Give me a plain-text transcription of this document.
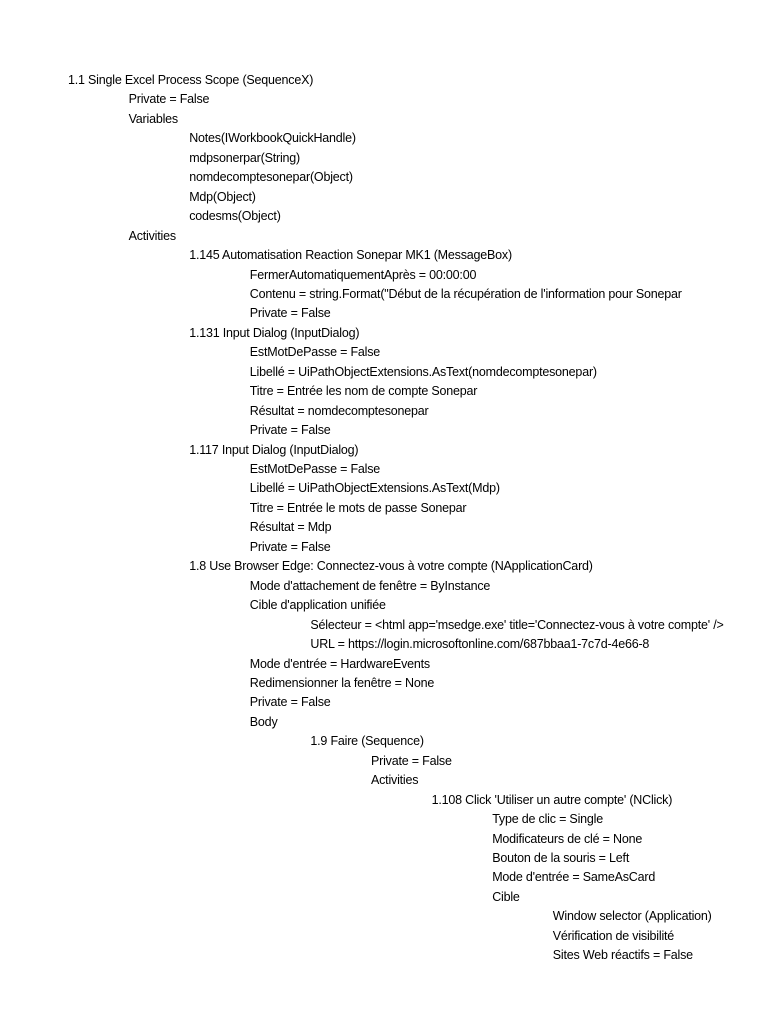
1.1 Single Excel Process Scope (SequenceX)
Private = False
Variables
Notes(IWorkbookQuickHandle)
mdpsonerpar(String)
nomdecomptesonepar(Object)
Mdp(Object)
codesms(Object)
Activities
1.145 Automatisation Reaction Sonepar MK1 (MessageBox)
FermerAutomatiquementAprès = 00:00:00
Contenu = string.Format("Début de la récupération de l'information pour Sonepar
Private = False
1.131 Input Dialog (InputDialog)
EstMotDePasse = False
Libellé = UiPathObjectExtensions.AsText(nomdecomptesonepar)
Titre = Entrée les nom de compte Sonepar
Résultat = nomdecomptesonepar
Private = False
1.117 Input Dialog (InputDialog)
EstMotDePasse = False
Libellé = UiPathObjectExtensions.AsText(Mdp)
Titre = Entrée le mots de passe Sonepar
Résultat = Mdp
Private = False
1.8 Use Browser Edge: Connectez-vous à votre compte (NApplicationCard)
Mode d'attachement de fenêtre = ByInstance
Cible d'application unifiée
Sélecteur = <html app='msedge.exe' title='Connectez-vous à votre compte' />
URL = https://login.microsoftonline.com/687bbaa1-7c7d-4e66-8
Mode d'entrée = HardwareEvents
Redimensionner la fenêtre = None
Private = False
Body
1.9 Faire (Sequence)
Private = False
Activities
1.108 Click 'Utiliser un autre compte' (NClick)
Type de clic = Single
Modificateurs de clé = None
Bouton de la souris = Left
Mode d'entrée = SameAsCard
Cible
Window selector (Application)
Vérification de visibilité
Sites Web réactifs = False
